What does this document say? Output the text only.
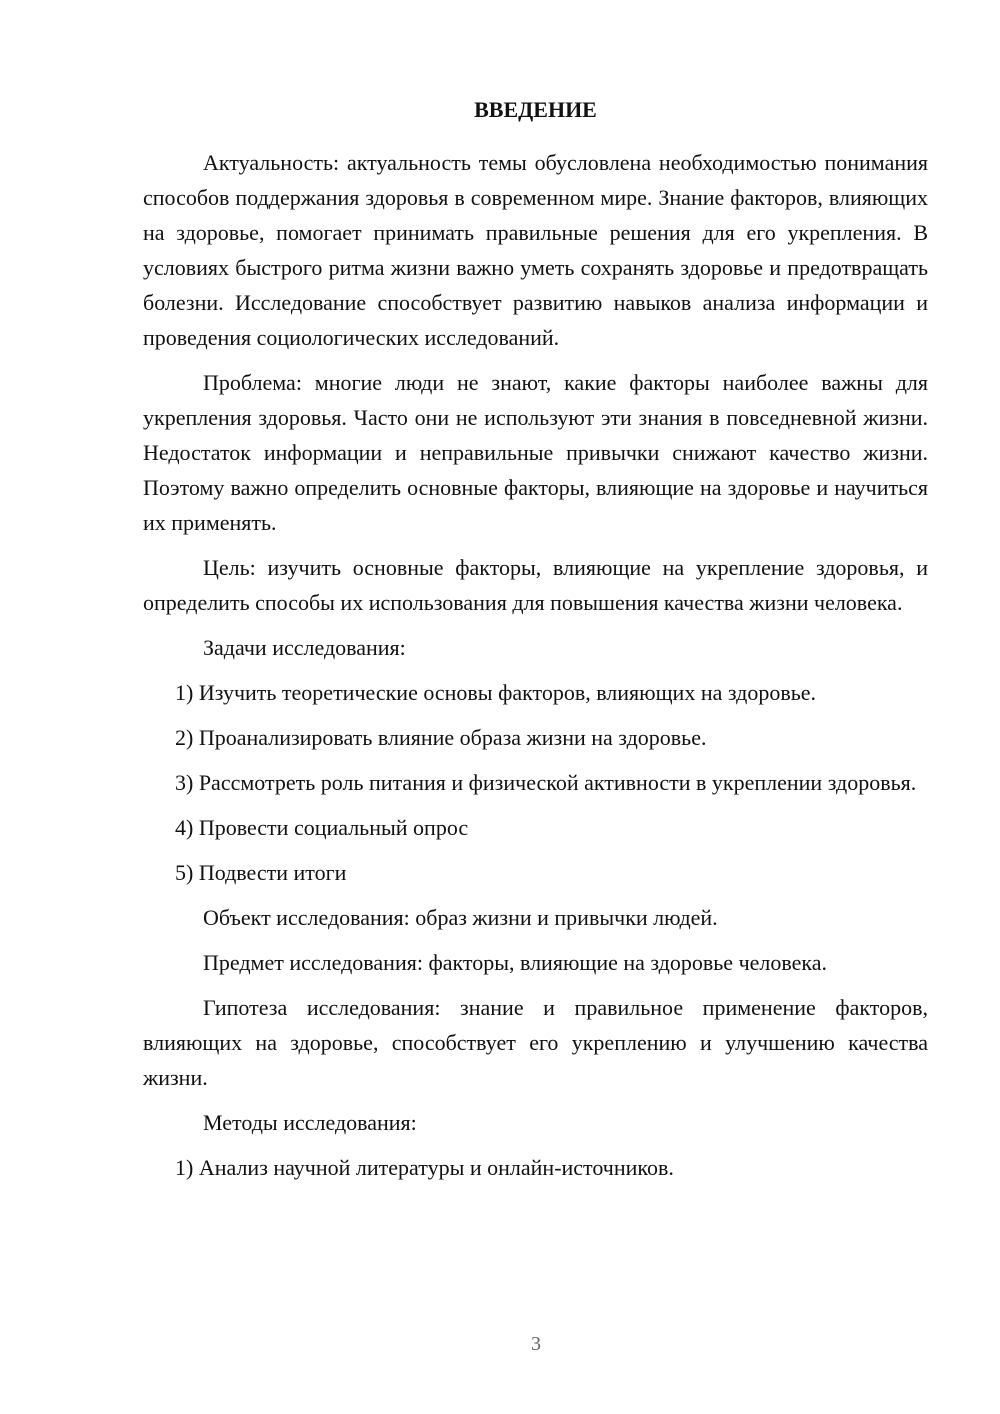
ВВЕДЕНИЕ

Актуальность: актуальность темы обусловлена необходимостью понимания способов поддержания здоровья в современном мире. Знание факторов, влияющих на здоровье, помогает принимать правильные решения для его укрепления. В условиях быстрого ритма жизни важно уметь сохранять здоровье и предотвращать болезни. Исследование способствует развитию навыков анализа информации и проведения социологических исследований.

Проблема: многие люди не знают, какие факторы наиболее важны для укрепления здоровья. Часто они не используют эти знания в повседневной жизни. Недостаток информации и неправильные привычки снижают качество жизни. Поэтому важно определить основные факторы, влияющие на здоровье и научиться их применять.

Цель: изучить основные факторы, влияющие на укрепление здоровья, и определить способы их использования для повышения качества жизни человека.

Задачи исследования:

1) Изучить теоретические основы факторов, влияющих на здоровье.

2) Проанализировать влияние образа жизни на здоровье.

3) Рассмотреть роль питания и физической активности в укреплении здоровья.

4) Провести социальный опрос

5) Подвести итоги

Объект исследования: образ жизни и привычки людей.

Предмет исследования: факторы, влияющие на здоровье человека.

Гипотеза исследования: знание и правильное применение факторов, влияющих на здоровье, способствует его укреплению и улучшению качества жизни.

Методы исследования:

1) Анализ научной литературы и онлайн-источников.

3
